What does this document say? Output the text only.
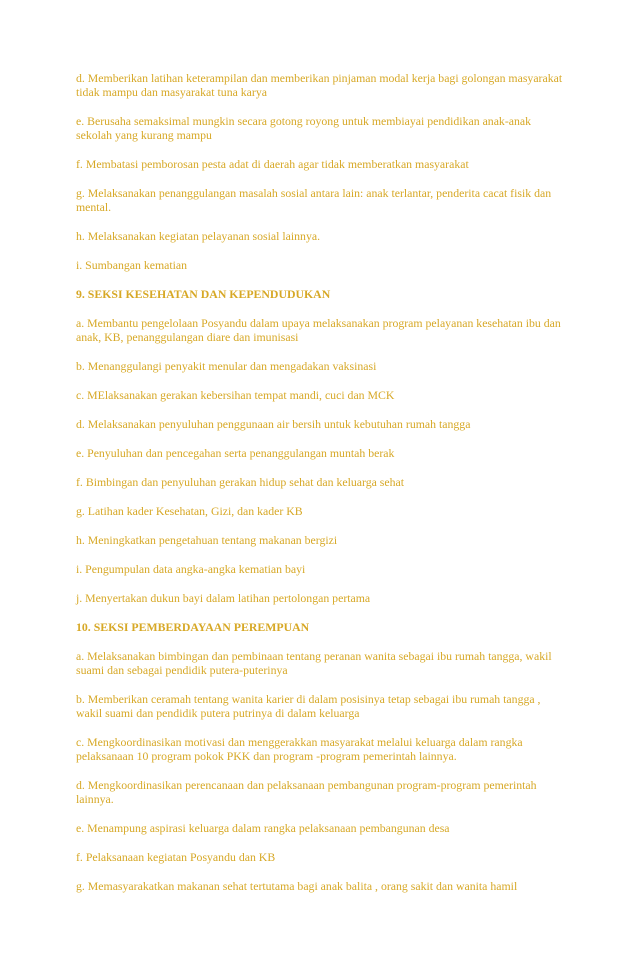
d. Memberikan latihan keterampilan dan memberikan pinjaman modal kerja bagi golongan masyarakat tidak mampu dan masyarakat tuna karya

e. Berusaha semaksimal mungkin secara gotong royong untuk membiayai pendidikan anak-anak sekolah yang kurang mampu

f. Membatasi pemborosan pesta adat di daerah agar tidak memberatkan masyarakat

g. Melaksanakan penanggulangan masalah sosial antara lain: anak terlantar, penderita cacat fisik dan mental.

h. Melaksanakan kegiatan pelayanan sosial lainnya.

i. Sumbangan kematian

9. SEKSI KESEHATAN DAN KEPENDUDUKAN

a. Membantu pengelolaan Posyandu dalam upaya melaksanakan program pelayanan kesehatan ibu dan anak, KB, penanggulangan diare dan imunisasi

b. Menanggulangi penyakit menular dan mengadakan vaksinasi

c. MElaksanakan gerakan kebersihan tempat mandi, cuci dan MCK

d. Melaksanakan penyuluhan penggunaan air bersih untuk kebutuhan rumah tangga

e. Penyuluhan dan pencegahan serta penanggulangan muntah berak

f. Bimbingan dan penyuluhan gerakan hidup sehat dan keluarga sehat

g. Latihan kader Kesehatan, Gizi, dan kader KB

h. Meningkatkan pengetahuan tentang makanan bergizi

i. Pengumpulan data angka-angka kematian bayi

j. Menyertakan dukun bayi dalam latihan pertolongan pertama

10. SEKSI PEMBERDAYAAN PEREMPUAN

a. Melaksanakan bimbingan dan pembinaan tentang peranan wanita sebagai ibu rumah tangga, wakil suami dan sebagai pendidik putera-puterinya

b. Memberikan ceramah tentang wanita karier di dalam posisinya tetap sebagai ibu rumah tangga , wakil suami dan pendidik putera putrinya di dalam keluarga

c. Mengkoordinasikan motivasi dan menggerakkan masyarakat melalui keluarga dalam rangka pelaksanaan 10 program pokok PKK dan program -program pemerintah lainnya.

d. Mengkoordinasikan perencanaan dan pelaksanaan pembangunan program-program pemerintah lainnya.

e. Menampung aspirasi keluarga dalam rangka pelaksanaan pembangunan desa

f. Pelaksanaan kegiatan Posyandu dan KB

g. Memasyarakatkan makanan sehat tertutama bagi anak balita , orang sakit dan wanita hamil
